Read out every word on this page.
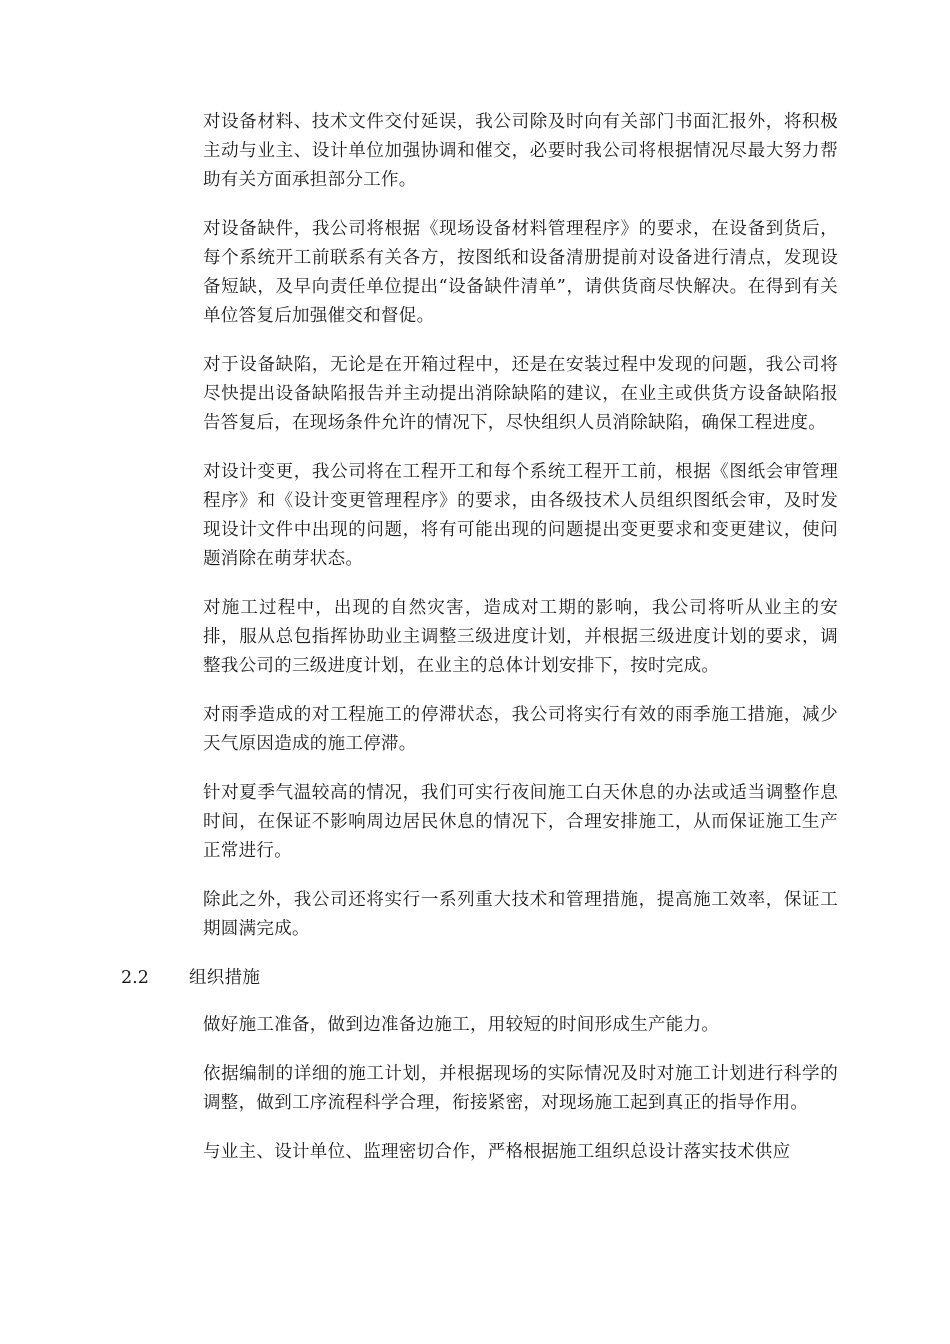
对设备材料、技术文件交付延误，我公司除及时向有关部门书面汇报外，将积极主动与业主、设计单位加强协调和催交，必要时我公司将根据情况尽最大努力帮助有关方面承担部分工作。

对设备缺件，我公司将根据《现场设备材料管理程序》的要求，在设备到货后，每个系统开工前联系有关各方，按图纸和设备清册提前对设备进行清点，发现设备短缺，及早向责任单位提出“设备缺件清单”，请供货商尽快解决。在得到有关单位答复后加强催交和督促。

对于设备缺陷，无论是在开箱过程中，还是在安装过程中发现的问题，我公司将尽快提出设备缺陷报告并主动提出消除缺陷的建议，在业主或供货方设备缺陷报告答复后，在现场条件允许的情况下，尽快组织人员消除缺陷，确保工程进度。

对设计变更，我公司将在工程开工和每个系统工程开工前，根据《图纸会审管理程序》和《设计变更管理程序》的要求，由各级技术人员组织图纸会审，及时发现设计文件中出现的问题，将有可能出现的问题提出变更要求和变更建议，使问题消除在萌芽状态。

对施工过程中，出现的自然灾害，造成对工期的影响，我公司将听从业主的安排，服从总包指挥协助业主调整三级进度计划，并根据三级进度计划的要求，调整我公司的三级进度计划，在业主的总体计划安排下，按时完成。

对雨季造成的对工程施工的停滞状态，我公司将实行有效的雨季施工措施，减少天气原因造成的施工停滞。

针对夏季气温较高的情况，我们可实行夜间施工白天休息的办法或适当调整作息时间，在保证不影响周边居民休息的情况下，合理安排施工，从而保证施工生产正常进行。

除此之外，我公司还将实行一系列重大技术和管理措施，提高施工效率，保证工期圆满完成。

2.2	组织措施

做好施工准备，做到边准备边施工，用较短的时间形成生产能力。

依据编制的详细的施工计划，并根据现场的实际情况及时对施工计划进行科学的调整，做到工序流程科学合理，衔接紧密，对现场施工起到真正的指导作用。

与业主、设计单位、监理密切合作，严格根据施工组织总设计落实技术供应
